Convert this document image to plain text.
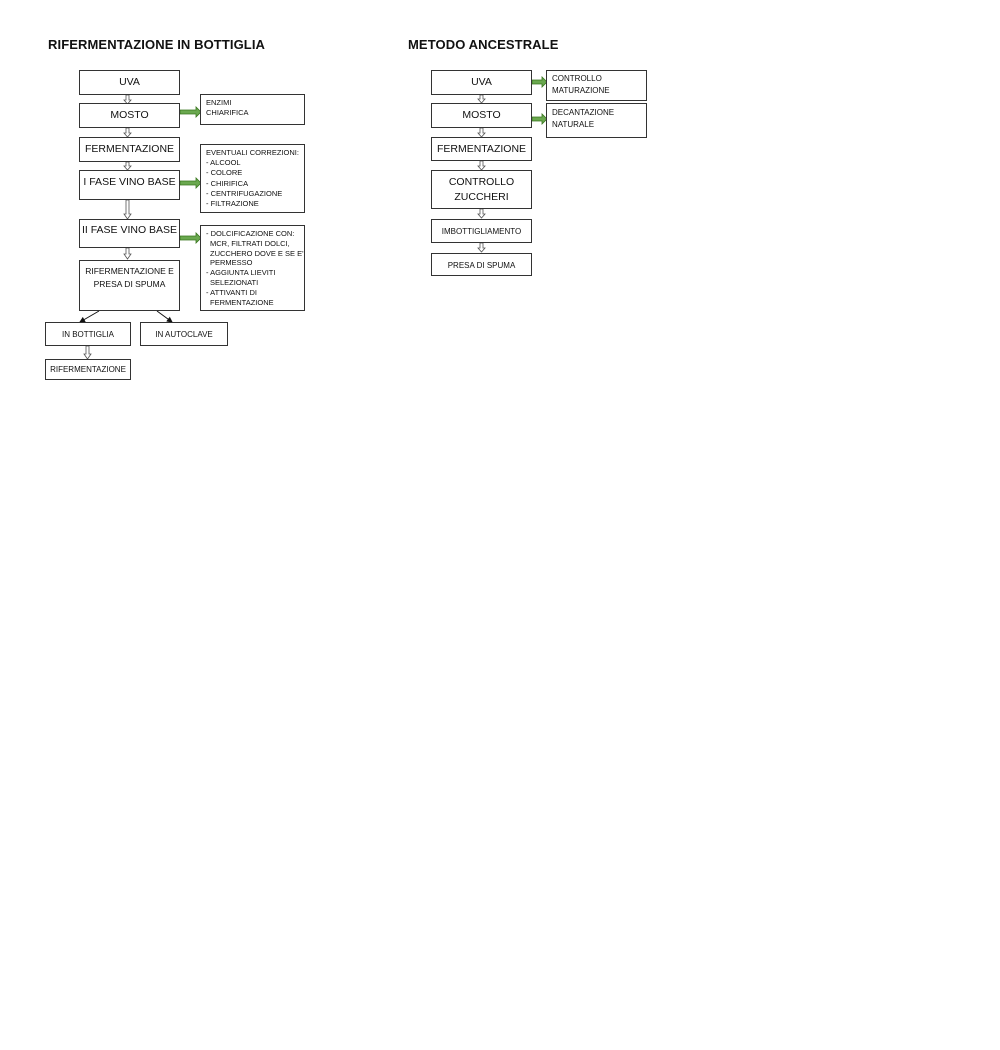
RIFERMENTAZIONE IN BOTTIGLIA
UVA
MOSTO
FERMENTAZIONE
I FASE VINO BASE
II FASE VINO BASE
RIFERMENTAZIONE E
PRESA DI SPUMA
IN BOTTIGLIA	IN AUTOCLAVE
RIFERMENTAZIONE
ENZIMI
CHIARIFICA
EVENTUALI CORREZIONI:
- ALCOOL
- COLORE
- CHIRIFICA
- CENTRIFUGAZIONE
- FILTRAZIONE
- DOLCIFICAZIONE CON:
MCR, FILTRATI DOLCI,
ZUCCHERO DOVE E SE E'
PERMESSO
- AGGIUNTA LIEVITI
SELEZIONATI
- ATTIVANTI DI
FERMENTAZIONE
METODO ANCESTRALE
UVA
MOSTO
FERMENTAZIONE
CONTROLLO
ZUCCHERI
IMBOTTIGLIAMENTO
PRESA DI SPUMA
CONTROLLO
MATURAZIONE
DECANTAZIONE
NATURALE
